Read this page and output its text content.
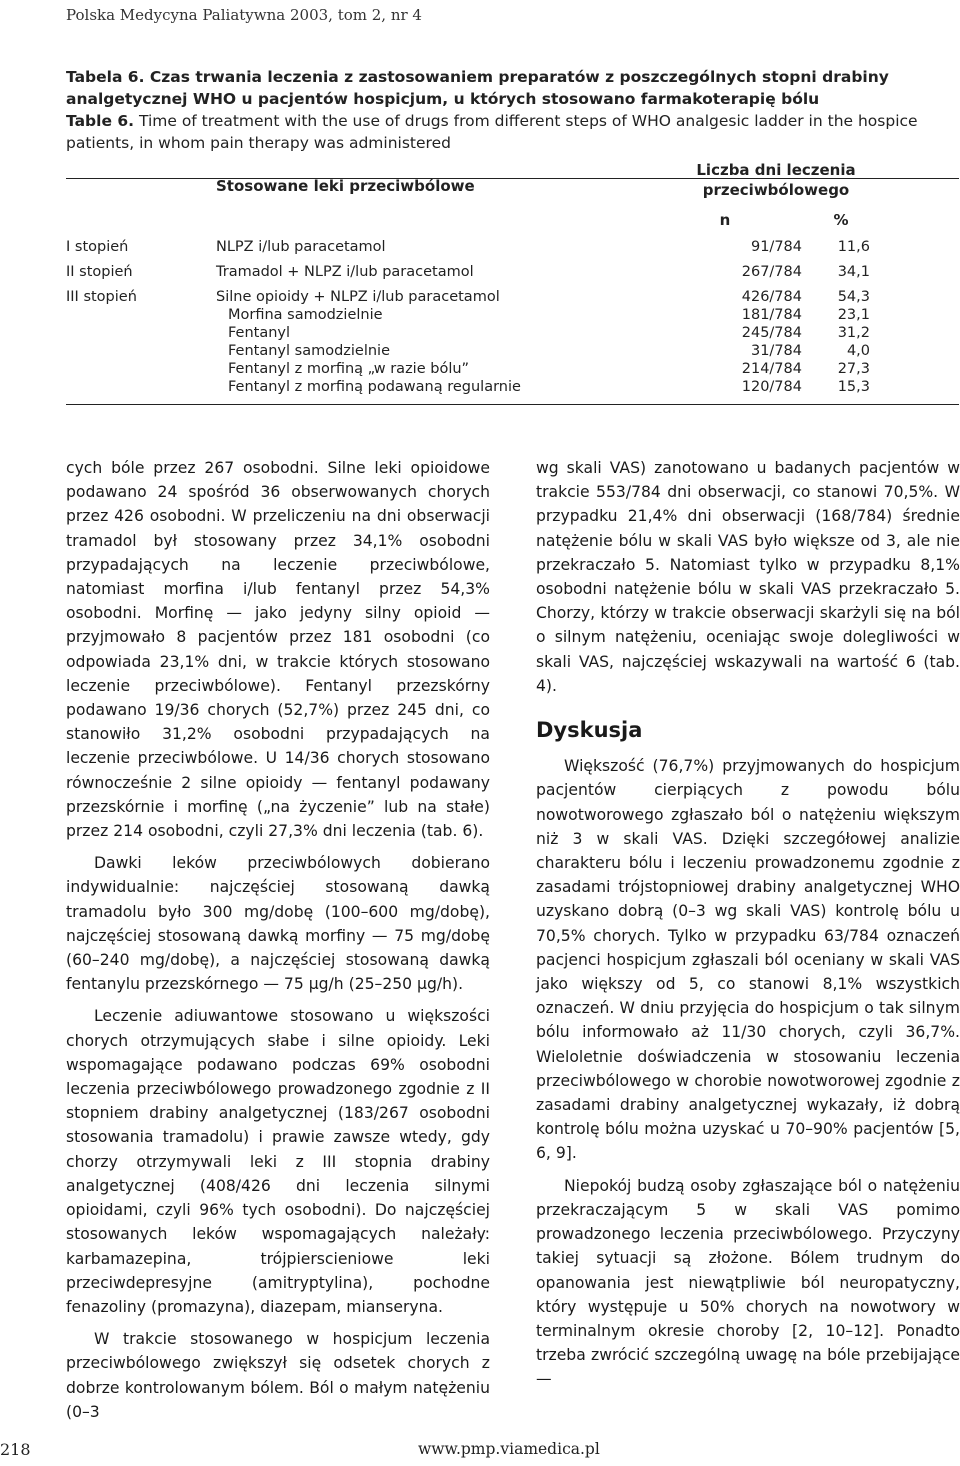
Polska Medycyna Paliatywna 2003, tom 2, nr 4
Tabela 6. Czas trwania leczenia z zastosowaniem preparatów z poszczególnych stopni drabiny analgetycznej WHO u pacjentów hospicjum, u których stosowano farmakoterapię bólu
Table 6. Time of treatment with the use of drugs from different steps of WHO analgesic ladder in the hospice patients, in whom pain therapy was administered
Stosowane leki przeciwbólowe
Liczba dni leczenia
przeciwbólowego
n	%
I stopień	NLPZ i/lub paracetamol	91/784	11,6
II stopień	Tramadol + NLPZ i/lub paracetamol	267/784	34,1
III stopień	Silne opioidy + NLPZ i/lub paracetamol	426/784	54,3
Morfina samodzielnie	181/784	23,1
Fentanyl	245/784	31,2
Fentanyl samodzielnie	31/784	4,0
Fentanyl z morfiną „w razie bólu”	214/784	27,3
Fentanyl z morfiną podawaną regularnie	120/784	15,3

cych bóle przez 267 osobodni. Silne leki opioidowe podawano 24 spośród 36 obserwowanych chorych przez 426 osobodni. W przeliczeniu na dni obserwacji tramadol był stosowany przez 34,1% osobodni przypadających na leczenie przeciwbólowe, natomiast morfina i/lub fentanyl przez 54,3% osobodni. Morfinę — jako jedyny silny opioid — przyjmowało 8 pacjentów przez 181 osobodni (co odpowiada 23,1% dni, w trakcie których stosowano leczenie przeciwbólowe). Fentanyl przezskórny podawano 19/36 chorych (52,7%) przez 245 dni, co stanowiło 31,2% osobodni przypadających na leczenie przeciwbólowe. U 14/36 chorych stosowano równocześnie 2 silne opioidy — fentanyl podawany przezskórnie i morfinę („na życzenie” lub na stałe) przez 214 osobodni, czyli 27,3% dni leczenia (tab. 6).

Dawki leków przeciwbólowych dobierano indywidualnie: najczęściej stosowaną dawką tramadolu było 300 mg/dobę (100–600 mg/dobę), najczęściej stosowaną dawką morfiny — 75 mg/dobę (60–240 mg/dobę), a najczęściej stosowaną dawką fentanylu przezskórnego — 75 μg/h (25–250 μg/h).

Leczenie adiuwantowe stosowano u większości chorych otrzymujących słabe i silne opioidy. Leki wspomagające podawano podczas 69% osobodni leczenia przeciwbólowego prowadzonego zgodnie z II stopniem drabiny analgetycznej (183/267 osobodni stosowania tramadolu) i prawie zawsze wtedy, gdy chorzy otrzymywali leki z III stopnia drabiny analgetycznej (408/426 dni leczenia silnymi opioidami, czyli 96% tych osobodni). Do najczęściej stosowanych leków wspomagających należały: karbamazepina, trójpierscieniowe leki przeciwdepresyjne (amitryptylina), pochodne fenazoliny (promazyna), diazepam, mianseryna.

W trakcie stosowanego w hospicjum leczenia przeciwbólowego zwiększył się odsetek chorych z dobrze kontrolowanym bólem. Ból o małym natężeniu (0–3

wg skali VAS) zanotowano u badanych pacjentów w trakcie 553/784 dni obserwacji, co stanowi 70,5%. W przypadku 21,4% dni obserwacji (168/784) średnie natężenie bólu w skali VAS było większe od 3, ale nie przekraczało 5. Natomiast tylko w przypadku 8,1% osobodni natężenie bólu w skali VAS przekraczało 5. Chorzy, którzy w trakcie obserwacji skarżyli się na ból o silnym natężeniu, oceniając swoje dolegliwości w skali VAS, najczęściej wskazywali na wartość 6 (tab. 4).

Dyskusja

Większość (76,7%) przyjmowanych do hospicjum pacjentów cierpiących z powodu bólu nowotworowego zgłaszało ból o natężeniu większym niż 3 w skali VAS. Dzięki szczegółowej analizie charakteru bólu i leczeniu prowadzonemu zgodnie z zasadami trójstopniowej drabiny analgetycznej WHO uzyskano dobrą (0–3 wg skali VAS) kontrolę bólu u 70,5% chorych. Tylko w przypadku 63/784 oznaczeń pacjenci hospicjum zgłaszali ból oceniany w skali VAS jako większy od 5, co stanowi 8,1% wszystkich oznaczeń. W dniu przyjęcia do hospicjum o tak silnym bólu informowało aż 11/30 chorych, czyli 36,7%. Wieloletnie doświadczenia w stosowaniu leczenia przeciwbólowego w chorobie nowotworowej zgodnie z zasadami drabiny analgetycznej wykazały, iż dobrą kontrolę bólu można uzyskać u 70–90% pacjentów [5, 6, 9].

Niepokój budzą osoby zgłaszające ból o natężeniu przekraczającym 5 w skali VAS pomimo prowadzonego leczenia przeciwbólowego. Przyczyny takiej sytuacji są złożone. Bólem trudnym do opanowania jest niewątpliwie ból neuropatyczny, który występuje u 50% chorych na nowotwory w terminalnym okresie choroby [2, 10–12]. Ponadto trzeba zwrócić szczególną uwagę na bóle przebijające —

218	www.pmp.viamedica.pl
